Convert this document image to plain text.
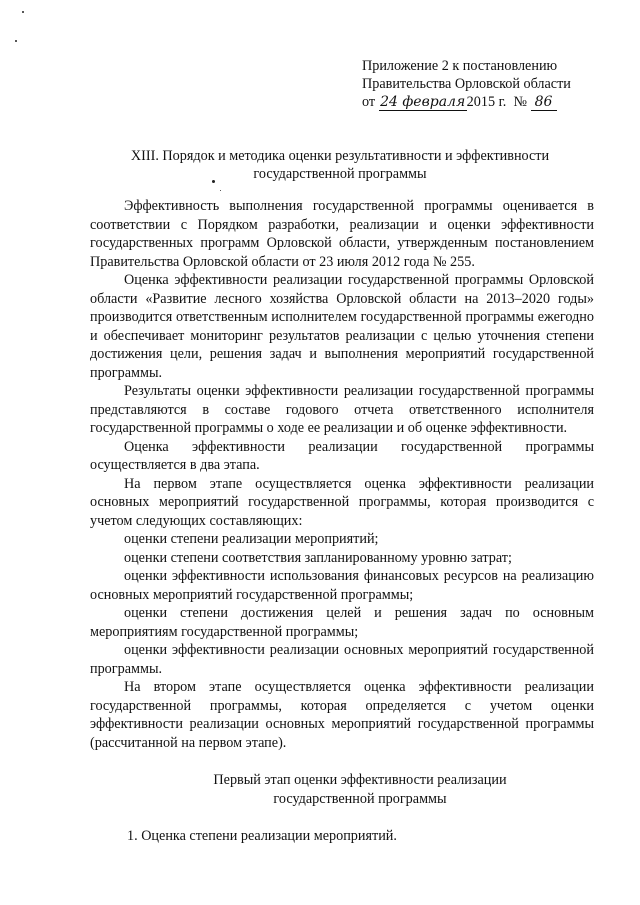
Приложение 2 к постановлению
Правительства Орловской области
от 24 февраля2015 г. № 86
XIII. Порядок и методика оценки результативности и эффективности
государственной программы

Эффективность выполнения государственной программы оценивается в соответствии с Порядком разработки, реализации и оценки эффективности государственных программ Орловской области, утвержденным постановлением Правительства Орловской области от 23 июля 2012 года № 255.

Оценка эффективности реализации государственной программы Орловской области «Развитие лесного хозяйства Орловской области на 2013–2020 годы» производится ответственным исполнителем государственной программы ежегодно и обеспечивает мониторинг результатов реализации с целью уточнения степени достижения цели, решения задач и выполнения мероприятий государственной программы.

Результаты оценки эффективности реализации государственной программы представляются в составе годового отчета ответственного исполнителя государственной программы о ходе ее реализации и об оценке эффективности.

Оценка эффективности реализации государственной программы осуществляется в два этапа.

На первом этапе осуществляется оценка эффективности реализации основных мероприятий государственной программы, которая производится с учетом следующих составляющих:

оценки степени реализации мероприятий;

оценки степени соответствия запланированному уровню затрат;

оценки эффективности использования финансовых ресурсов на реализацию основных мероприятий государственной программы;

оценки степени достижения целей и решения задач по основным мероприятиям государственной программы;

оценки эффективности реализации основных мероприятий государственной программы.

На втором этапе осуществляется оценка эффективности реализации государственной программы, которая определяется с учетом оценки эффективности реализации основных мероприятий государственной программы (рассчитанной на первом этапе).

Первый этап оценки эффективности реализации
государственной программы
1. Оценка степени реализации мероприятий.
